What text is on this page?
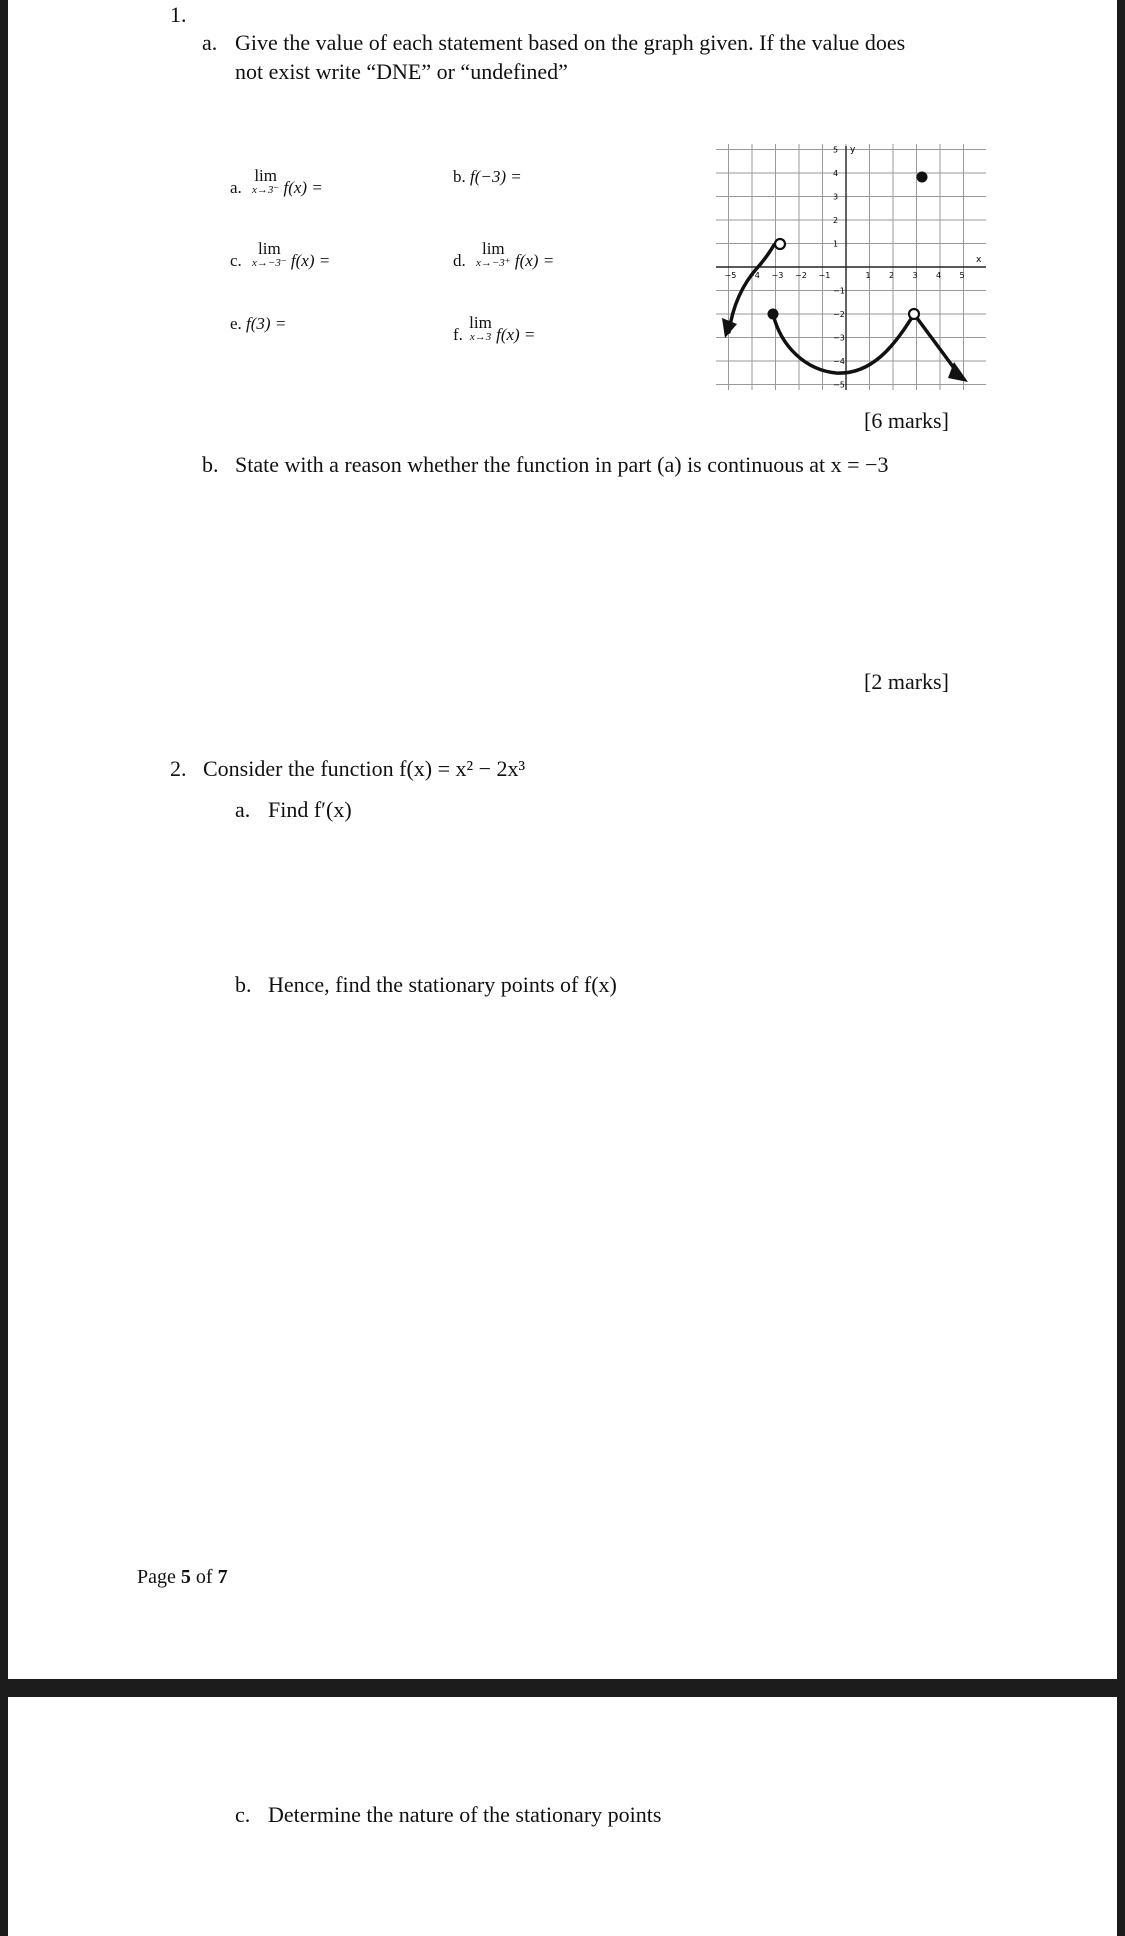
1.
a. Give the value of each statement based on the graph given. If the value does
not exist write “DNE” or “undefined”
a. lim
x→3⁻ f(x) =
b. f(−3) =
c. lim
x→−3⁻ f(x) =	d. lim
x→−3⁺ f(x) =
e. f(3) =
f. lim
x→3 f(x) =
x
y
−5 −4 −3 −2 −1	1 2 3 4 5
5
4
3
2
1
−1
−2
−3
−4
−5
[6 marks]
b. State with a reason whether the function in part (a) is continuous at x = −3
[2 marks]
2. Consider the function f(x) = x² − 2x³
a. Find f′(x)
b. Hence, find the stationary points of f(x)
Page 5 of 7
c. Determine the nature of the stationary points
